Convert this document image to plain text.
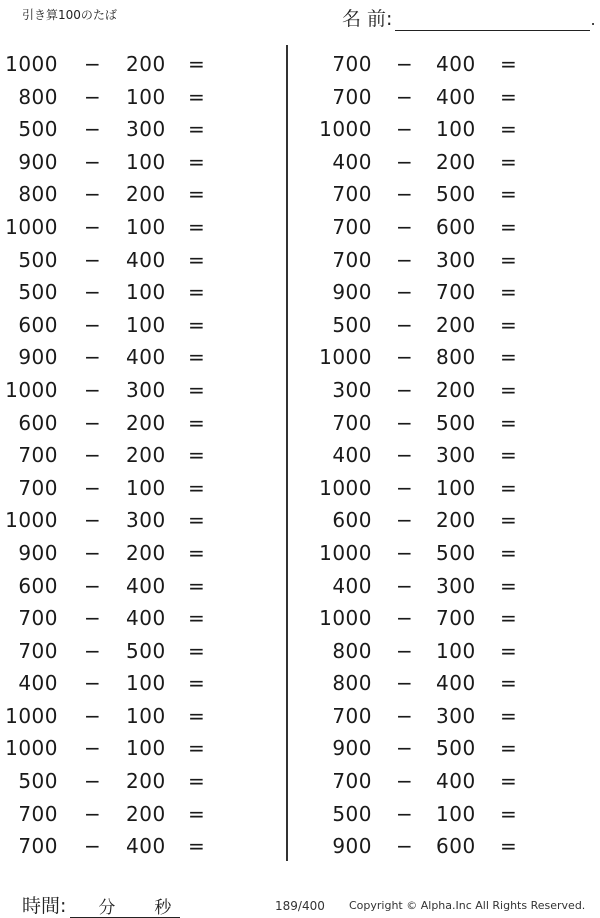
引き算100のたば	名 前:	.
1000 − 200 =
800 − 100 =
500 − 300 =
900 − 100 =
800 − 200 =
1000 − 100 =
500 − 400 =
500 − 100 =
600 − 100 =
900 − 400 =
1000 − 300 =
600 − 200 =
700 − 200 =
700 − 100 =
1000 − 300 =
900 − 200 =
600 − 400 =
700 − 400 =
700 − 500 =
400 − 100 =
1000 − 100 =
1000 − 100 =
500 − 200 =
700 − 200 =
700 − 400 =
700 − 400 =
700 − 400 =
1000 − 100 =
400 − 200 =
700 − 500 =
700 − 600 =
700 − 300 =
900 − 700 =
500 − 200 =
1000 − 800 =
300 − 200 =
700 − 500 =
400 − 300 =
1000 − 100 =
600 − 200 =
1000 − 500 =
400 − 300 =
1000 − 700 =
800 − 100 =
800 − 400 =
700 − 300 =
900 − 500 =
700 − 400 =
500 − 100 =
900 − 600 =
時間: 分 秒	189/400 Copyright © Alpha.Inc All Rights Reserved.
